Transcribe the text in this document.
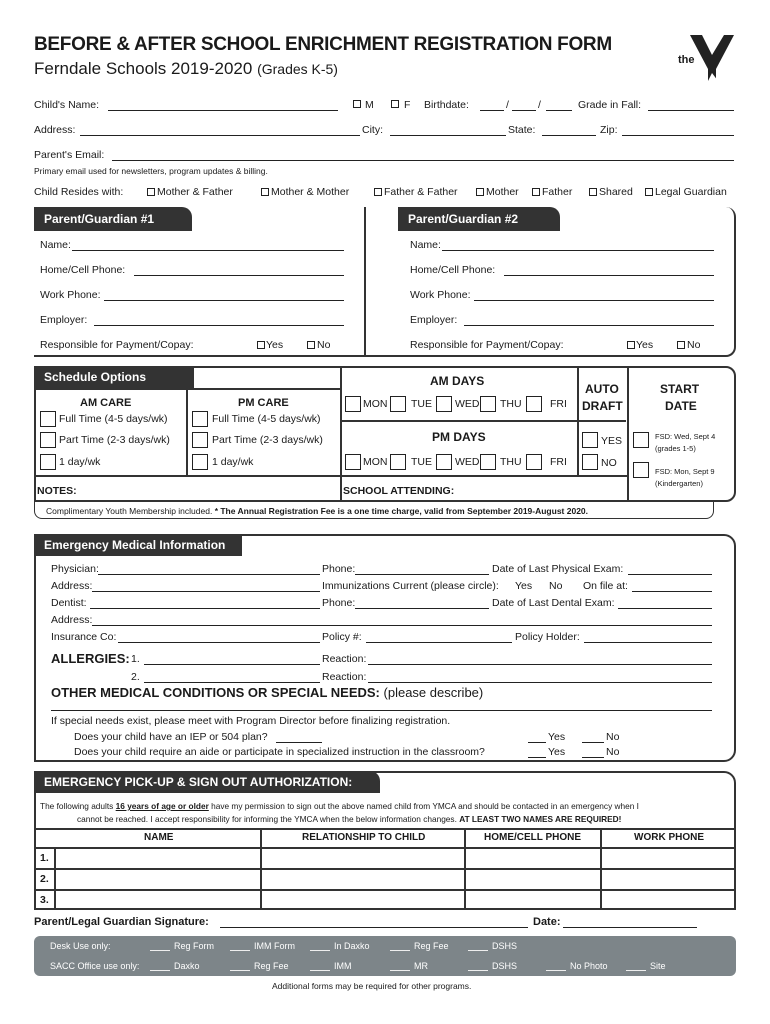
BEFORE & AFTER SCHOOL ENRICHMENT REGISTRATION FORM
Ferndale Schools 2019-2020 (Grades K-5)
the
Child's Name:	M	F Birthdate:	/	/	Grade in Fall:
Address:	City:	State:	Zip:
Parent's Email:
Primary email used for newsletters, program updates & billing.
Child Resides with:	Mother & Father	Mother & Mother	Father & Father	Mother Father	Shared Legal Guardian
Parent/Guardian #1	Parent/Guardian #2
Name:
Home/Cell Phone:
Work Phone:
Employer:
Responsible for Payment/Copay:	Yes	No
Name:
Home/Cell Phone:
Work Phone:
Employer:
Responsible for Payment/Copay:	Yes	No
Schedule Options
AM CARE	PM CARE
Full Time (4-5 days/wk)
Part Time (2-3 days/wk)
1 day/wk
Full Time (4-5 days/wk)
Part Time (2-3 days/wk)
1 day/wk
AM DAYS
MON TUE WED THU	FRI
PM DAYS
MON TUE WED THU	FRI
AUTO
DRAFT
YES
NO
START
DATE
FSD: Wed, Sept 4
(grades 1-5)
FSD: Mon, Sept 9
(Kindergarten)
NOTES:	SCHOOL ATTENDING:
Complimentary Youth Membership included. * The Annual Registration Fee is a one time charge, valid from September 2019-August 2020.
Emergency Medical Information
Physician:	Phone:	Date of Last Physical Exam:
Address:	Immunizations Current (please circle): Yes No On file at:
Dentist:	Phone:	Date of Last Dental Exam:
Address:
Insurance Co:	Policy #:	Policy Holder:
ALLERGIES: 1.	Reaction:
2.	Reaction:
OTHER MEDICAL CONDITIONS OR SPECIAL NEEDS: (please describe)
If special needs exist, please meet with Program Director before finalizing registration.
Does your child have an IEP or 504 plan?	Yes	No
Does your child require an aide or participate in specialized instruction in the classroom?	Yes	No
EMERGENCY PICK-UP & SIGN OUT AUTHORIZATION:
The following adults 16 years of age or older have my permission to sign out the above named child from YMCA and should be contacted in an emergency when I
cannot be reached. I accept responsibility for informing the YMCA when the below information changes. AT LEAST TWO NAMES ARE REQUIRED!
NAME	RELATIONSHIP TO CHILD	HOME/CELL PHONE	WORK PHONE
1.
2.
3.
Parent/Legal Guardian Signature:	Date:
Desk Use only:	Reg Form	IMM Form	In Daxko	Reg Fee	DSHS
SACC Office use only:	Daxko	Reg Fee	IMM	MR	DSHS	No Photo	Site
Additional forms may be required for other programs.
